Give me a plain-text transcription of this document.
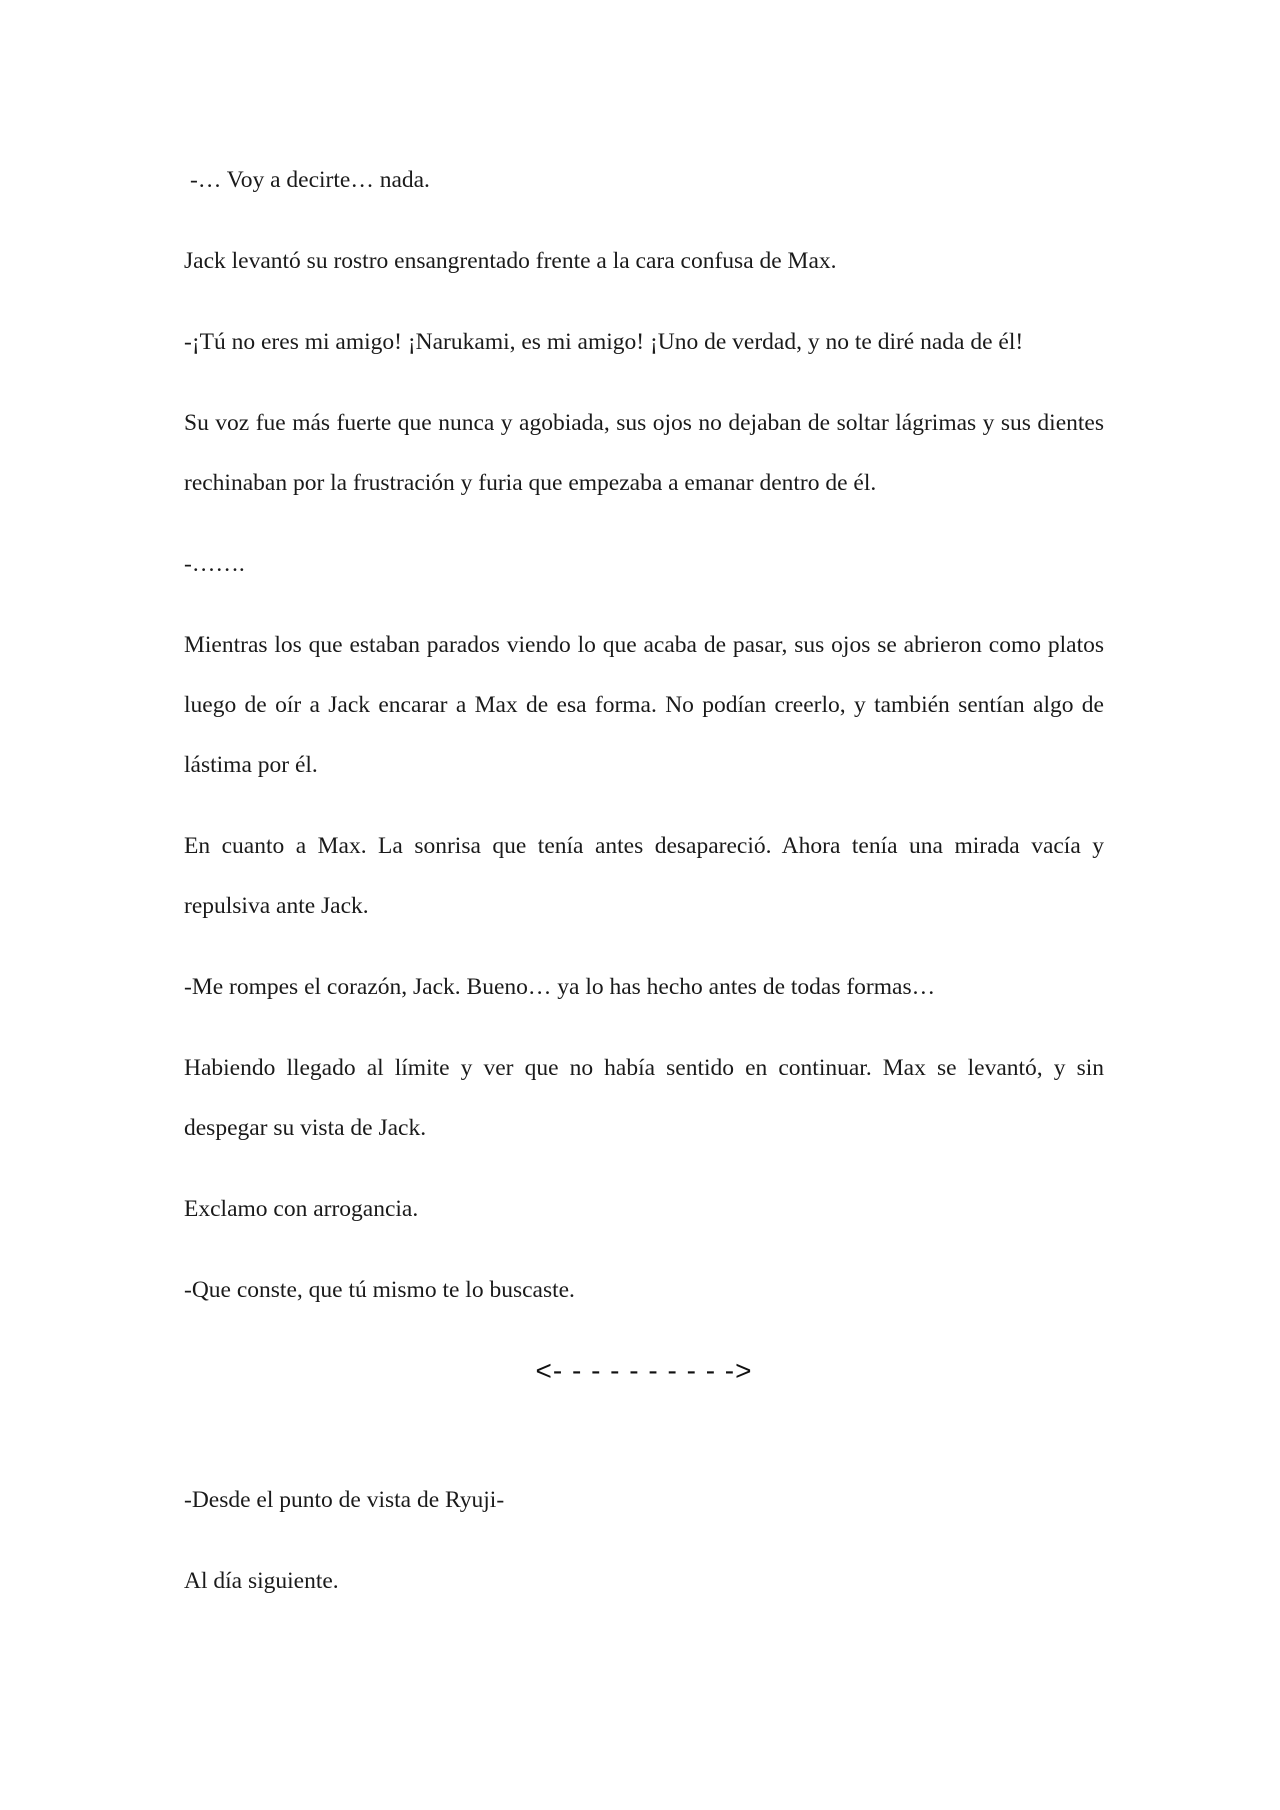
-… Voy a decirte… nada.

Jack levantó su rostro ensangrentado frente a la cara confusa de Max.

-¡Tú no eres mi amigo! ¡Narukami, es mi amigo! ¡Uno de verdad, y no te diré nada de él!

Su voz fue más fuerte que nunca y agobiada, sus ojos no dejaban de soltar lágrimas y sus dientes rechinaban por la frustración y furia que empezaba a emanar dentro de él.

-…….

Mientras los que estaban parados viendo lo que acaba de pasar, sus ojos se abrieron como platos luego de oír a Jack encarar a Max de esa forma. No podían creerlo, y también sentían algo de lástima por él.

En cuanto a Max. La sonrisa que tenía antes desapareció. Ahora tenía una mirada vacía y repulsiva ante Jack.

-Me rompes el corazón, Jack. Bueno… ya lo has hecho antes de todas formas…

Habiendo llegado al límite y ver que no había sentido en continuar. Max se levantó, y sin despegar su vista de Jack.

Exclamo con arrogancia.

-Que conste, que tú mismo te lo buscaste.

<- - - - - - - - - ->

-Desde el punto de vista de Ryuji-

Al día siguiente.
